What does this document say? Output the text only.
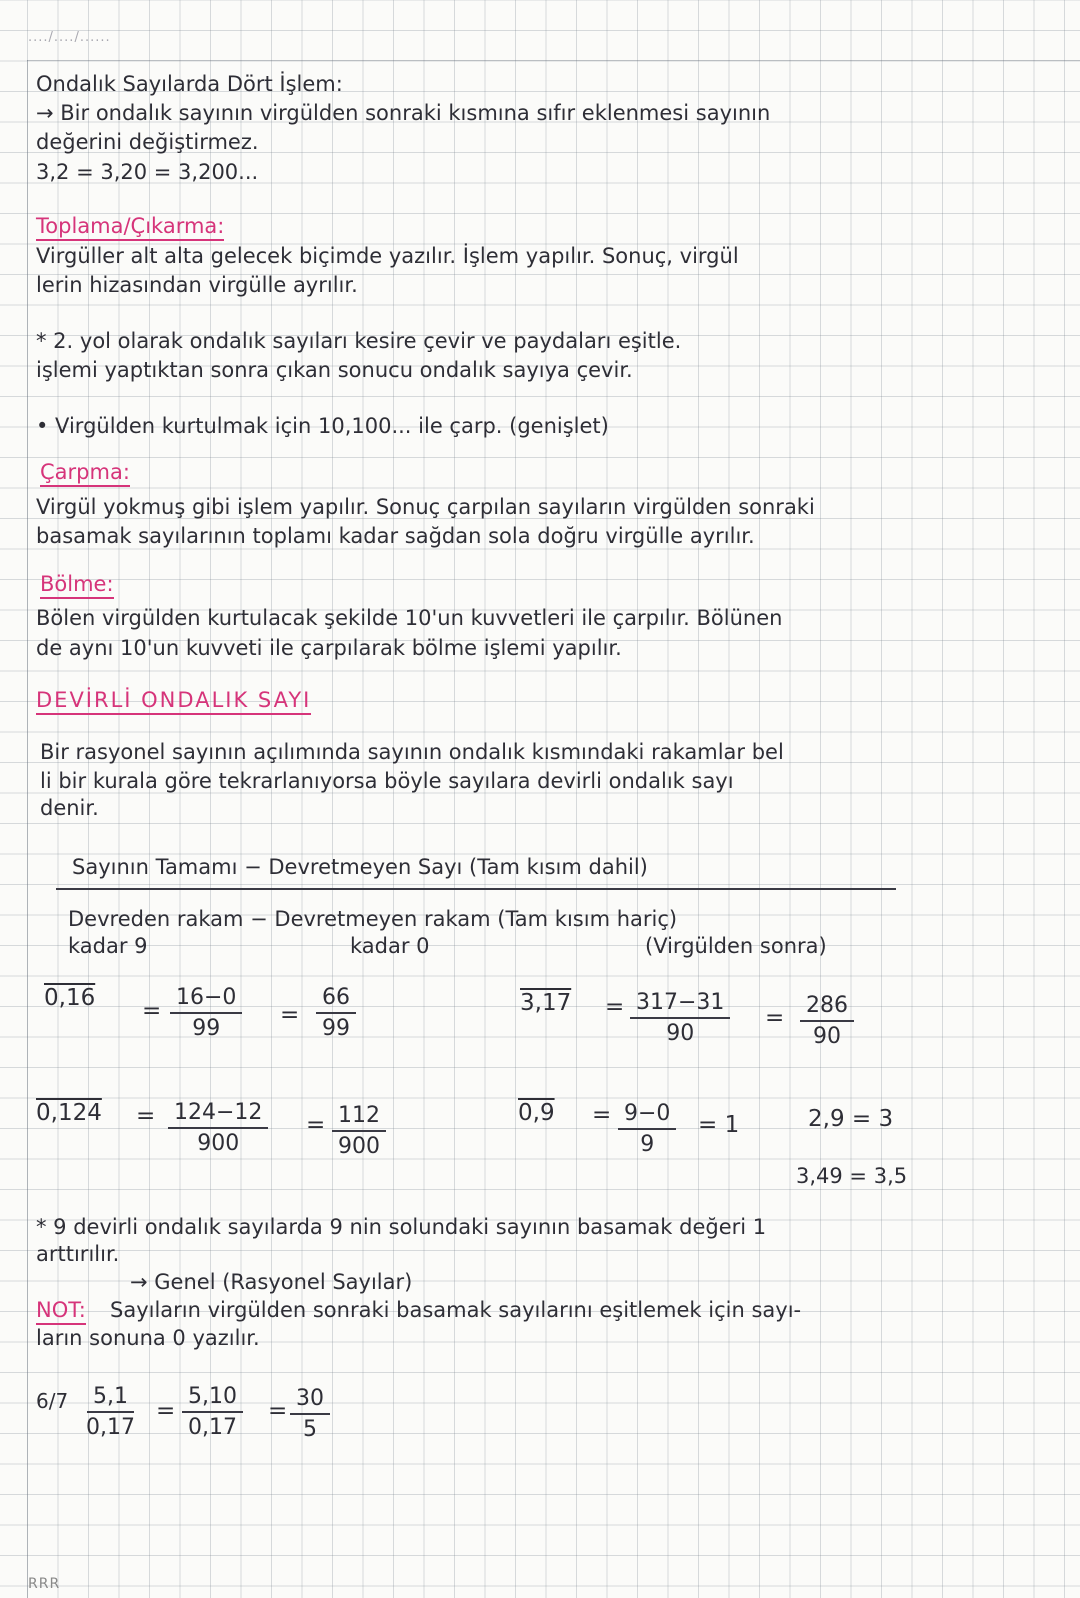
..../..../......
Ondalık Sayılarda Dört İşlem:
→ Bir ondalık sayının virgülden sonraki kısmına sıfır eklenmesi sayının
değerini değiştirmez.
3,2 = 3,20 = 3,200...
Toplama/Çıkarma:
Virgüller alt alta gelecek biçimde yazılır. İşlem yapılır. Sonuç, virgül
lerin hizasından virgülle ayrılır.
* 2. yol olarak ondalık sayıları kesire çevir ve paydaları eşitle.
işlemi yaptıktan sonra çıkan sonucu ondalık sayıya çevir.
• Virgülden kurtulmak için 10,100... ile çarp. (genişlet)
Çarpma:
Virgül yokmuş gibi işlem yapılır. Sonuç çarpılan sayıların virgülden sonraki
basamak sayılarının toplamı kadar sağdan sola doğru virgülle ayrılır.
Bölme:
Bölen virgülden kurtulacak şekilde 10'un kuvvetleri ile çarpılır. Bölünen
de aynı 10'un kuvveti ile çarpılarak bölme işlemi yapılır.
DEVİRLİ ONDALIK SAYI
Bir rasyonel sayının açılımında sayının ondalık kısmındaki rakamlar bel
li bir kurala göre tekrarlanıyorsa böyle sayılara devirli ondalık sayı
denir.
Sayının Tamamı − Devretmeyen Sayı (Tam kısım dahil)
Devreden rakam − Devretmeyen rakam (Tam kısım hariç)
kadar 9	kadar 0	(Virgülden sonra)
$0,16 = \frac{16-0}{99} = \frac{66}{99}$	$3,17 = \frac{317-31}{90} = \frac{286}{90}$
$0,124 = \frac{124-12}{900} = \frac{112}{900}$	$0,9 = \frac{9-0}{9} = 1$	2,9 = 3
3,49 = 3,5
* 9 devirli ondalık sayılarda 9 nin solundaki sayının basamak değeri 1
arttırılır.
→ Genel (Rasyonel Sayılar)
NOT: Sayıların virgülden sonraki basamak sayılarını eşitlemek için sayı-
ların sonuna 0 yazılır.
$6/7 \frac{5,1}{0,17} = \frac{5,10}{0,17} = \frac{30}{5}$
RRR
